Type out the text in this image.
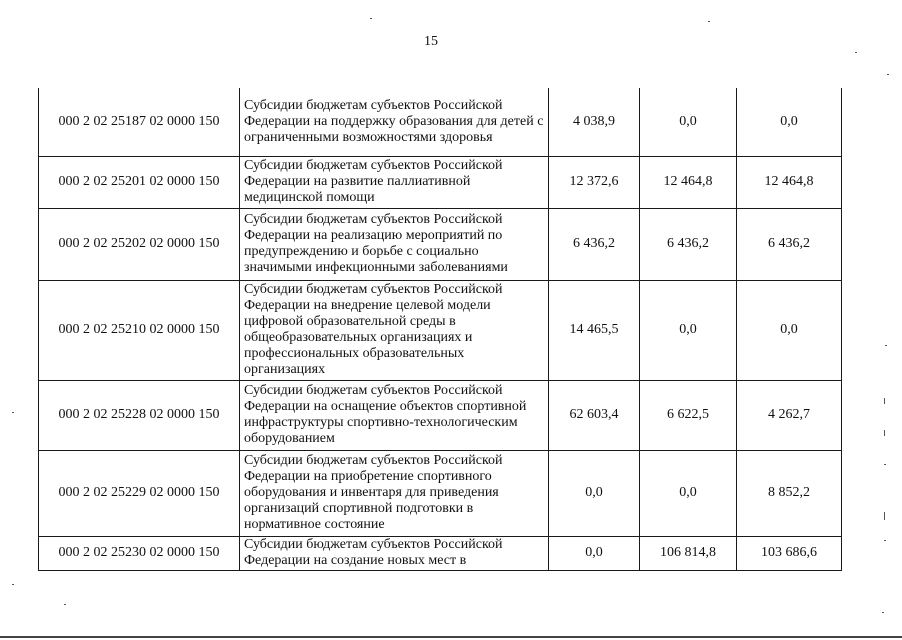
15
000 2 02 25187 02 0000 150	Субсидии бюджетам субъектов Российской Федерации на поддержку образования для детей с ограниченными возможностями здоровья	4 038,9	0,0	0,0
000 2 02 25201 02 0000 150	Субсидии бюджетам субъектов Российской Федерации на развитие паллиативной медицинской помощи	12 372,6	12 464,8	12 464,8
000 2 02 25202 02 0000 150	Субсидии бюджетам субъектов Российской Федерации на реализацию мероприятий по предупреждению и борьбе с социально значимыми инфекционными заболеваниями	6 436,2	6 436,2	6 436,2
000 2 02 25210 02 0000 150	Субсидии бюджетам субъектов Российской Федерации на внедрение целевой модели цифровой образовательной среды в общеобразовательных организациях и профессиональных образовательных организациях	14 465,5	0,0	0,0
000 2 02 25228 02 0000 150	Субсидии бюджетам субъектов Российской Федерации на оснащение объектов спортивной инфраструктуры спортивно-технологическим оборудованием	62 603,4	6 622,5	4 262,7
000 2 02 25229 02 0000 150	Субсидии бюджетам субъектов Российской Федерации на приобретение спортивного оборудования и инвентаря для приведения организаций спортивной подготовки в нормативное состояние	0,0	0,0	8 852,2
000 2 02 25230 02 0000 150	Субсидии бюджетам субъектов Российской Федерации на создание новых мест в	0,0	106 814,8	103 686,6
